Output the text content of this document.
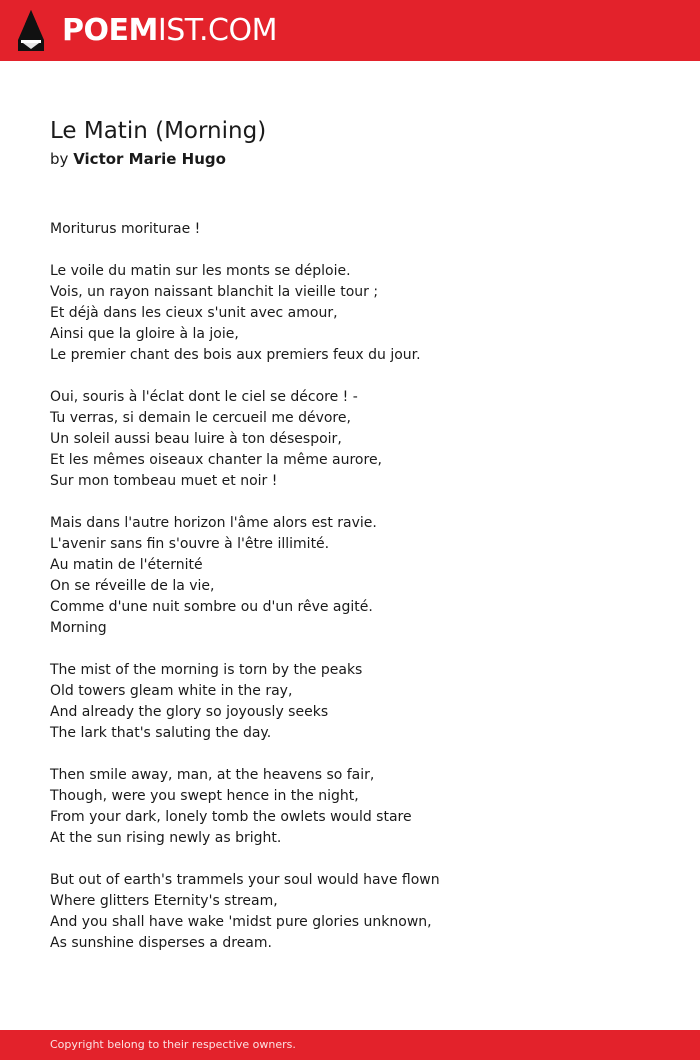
POEMIST.COM
Le Matin (Morning)
by Victor Marie Hugo
Moriturus moriturae !
Le voile du matin sur les monts se déploie.
Vois, un rayon naissant blanchit la vieille tour ;
Et déjà dans les cieux s'unit avec amour,
Ainsi que la gloire à la joie,
Le premier chant des bois aux premiers feux du jour.
Oui, souris à l'éclat dont le ciel se décore ! -
Tu verras, si demain le cercueil me dévore,
Un soleil aussi beau luire à ton désespoir,
Et les mêmes oiseaux chanter la même aurore,
Sur mon tombeau muet et noir !
Mais dans l'autre horizon l'âme alors est ravie.
L'avenir sans fin s'ouvre à l'être illimité.
Au matin de l'éternité
On se réveille de la vie,
Comme d'une nuit sombre ou d'un rêve agité.
Morning
The mist of the morning is torn by the peaks
Old towers gleam white in the ray,
And already the glory so joyously seeks
The lark that's saluting the day.
Then smile away, man, at the heavens so fair,
Though, were you swept hence in the night,
From your dark, lonely tomb the owlets would stare
At the sun rising newly as bright.
But out of earth's trammels your soul would have flown
Where glitters Eternity's stream,
And you shall have wake 'midst pure glories unknown,
As sunshine disperses a dream.
Copyright belong to their respective owners.
